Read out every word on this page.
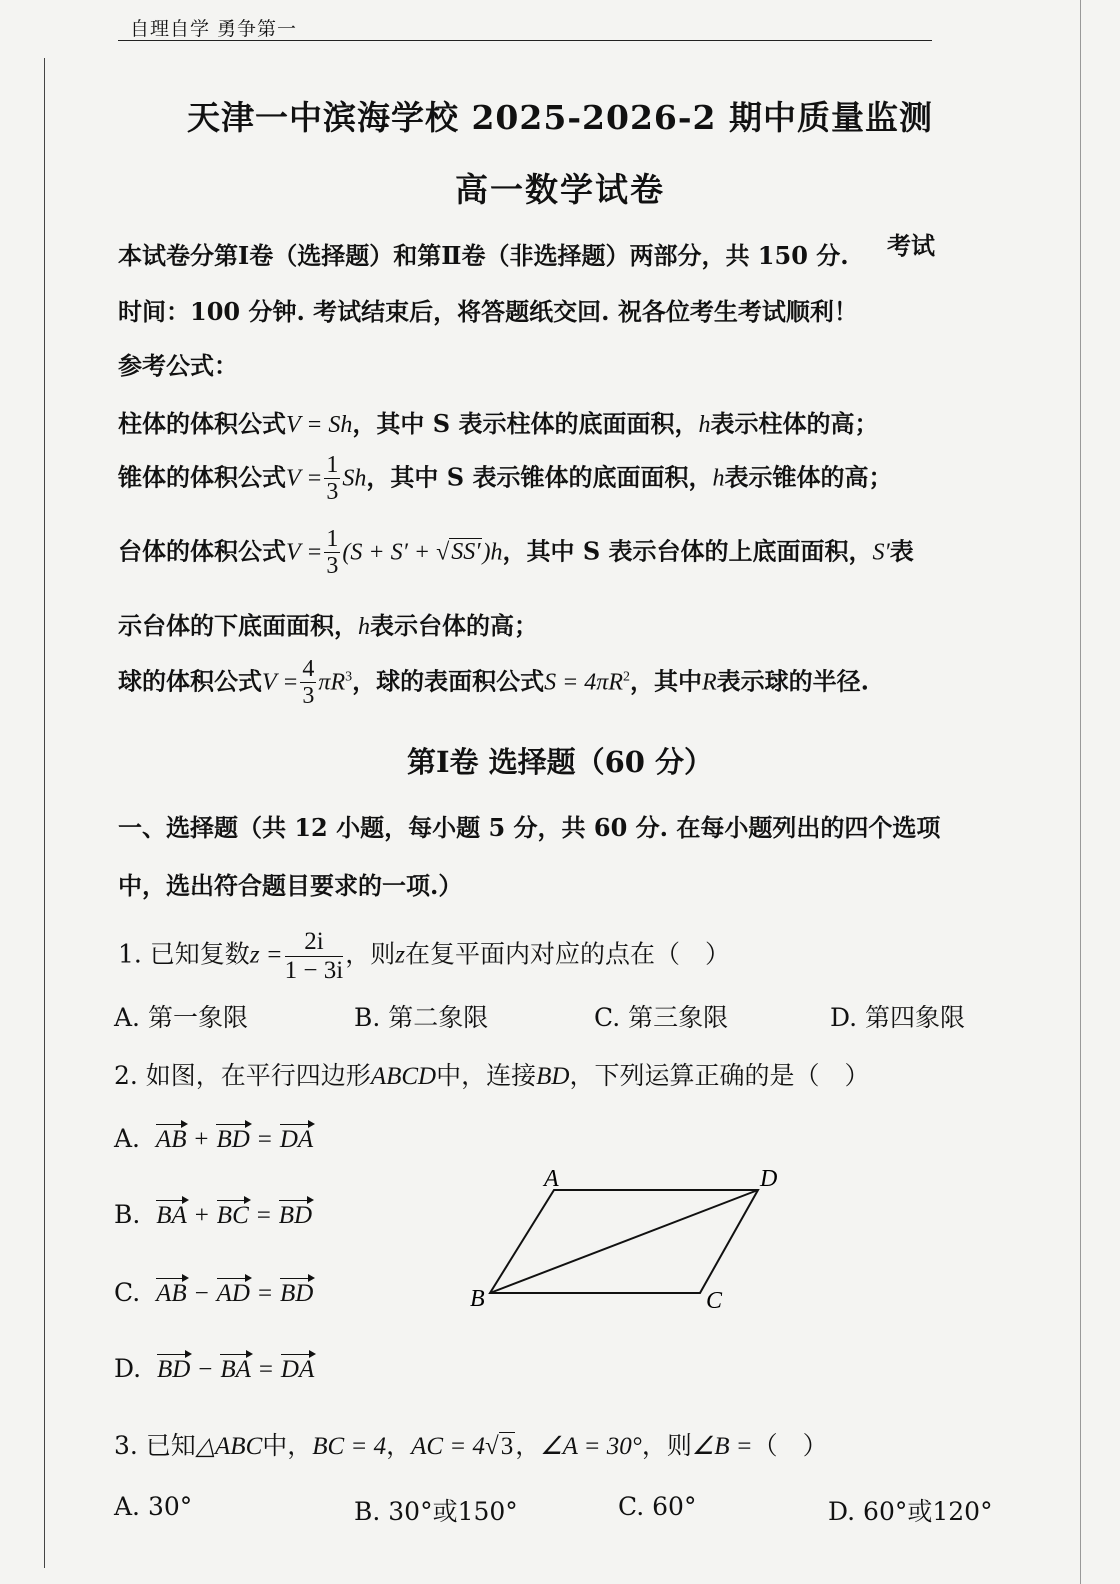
自理自学 勇争第一
天津一中滨海学校 2025-2026-2 期中质量监测
高一数学试卷
本试卷分第Ⅰ卷（选择题）和第Ⅱ卷（非选择题）两部分，共 150 分. 考试
时间：100 分钟. 考试结束后，将答题纸交回. 祝各位考生考试顺利！
参考公式：
柱体的体积公式V = Sh，其中 S 表示柱体的底面面积，h表示柱体的高；
锥体的体积公式$V = \frac{1}{3}$ Sh，其中 S 表示锥体的底面面积，h表示锥体的高；
台体的体积公式$V = \frac{1}{3} (S + S' + √SS')h$，其中 S 表示台体的上底面面积，S′表
示台体的下底面面积，h表示台体的高；
球的体积公式$V = \frac{4}{3} \pi R^3$，球的表面积公式$S = 4\pi R^2$，其中R表示球的半径.
第Ⅰ卷 选择题（60 分）
一、选择题（共 12 小题，每小题 5 分，共 60 分. 在每小题列出的四个选项
中，选出符合题目要求的一项.）
1. 已知复数$z = \frac{2i}{1 - 3i}$ ，则z在复平面内对应的点在（　）
A. 第一象限	B. 第二象限	C. 第三象限	D. 第四象限
2. 如图，在平行四边形ABCD中，连接BD，下列运算正确的是（　）
A. AB + BD = DA
B. BA + BC = BD
C. AB − AD = BD
D. BD − BA = DA
A	D
B	C
3. 已知△ABC中，BC = 4，AC = 4√3，∠A = 30°，则∠B =（　）
A. 30°	B. 30°或150°	C. 60°	D. 60°或120°
